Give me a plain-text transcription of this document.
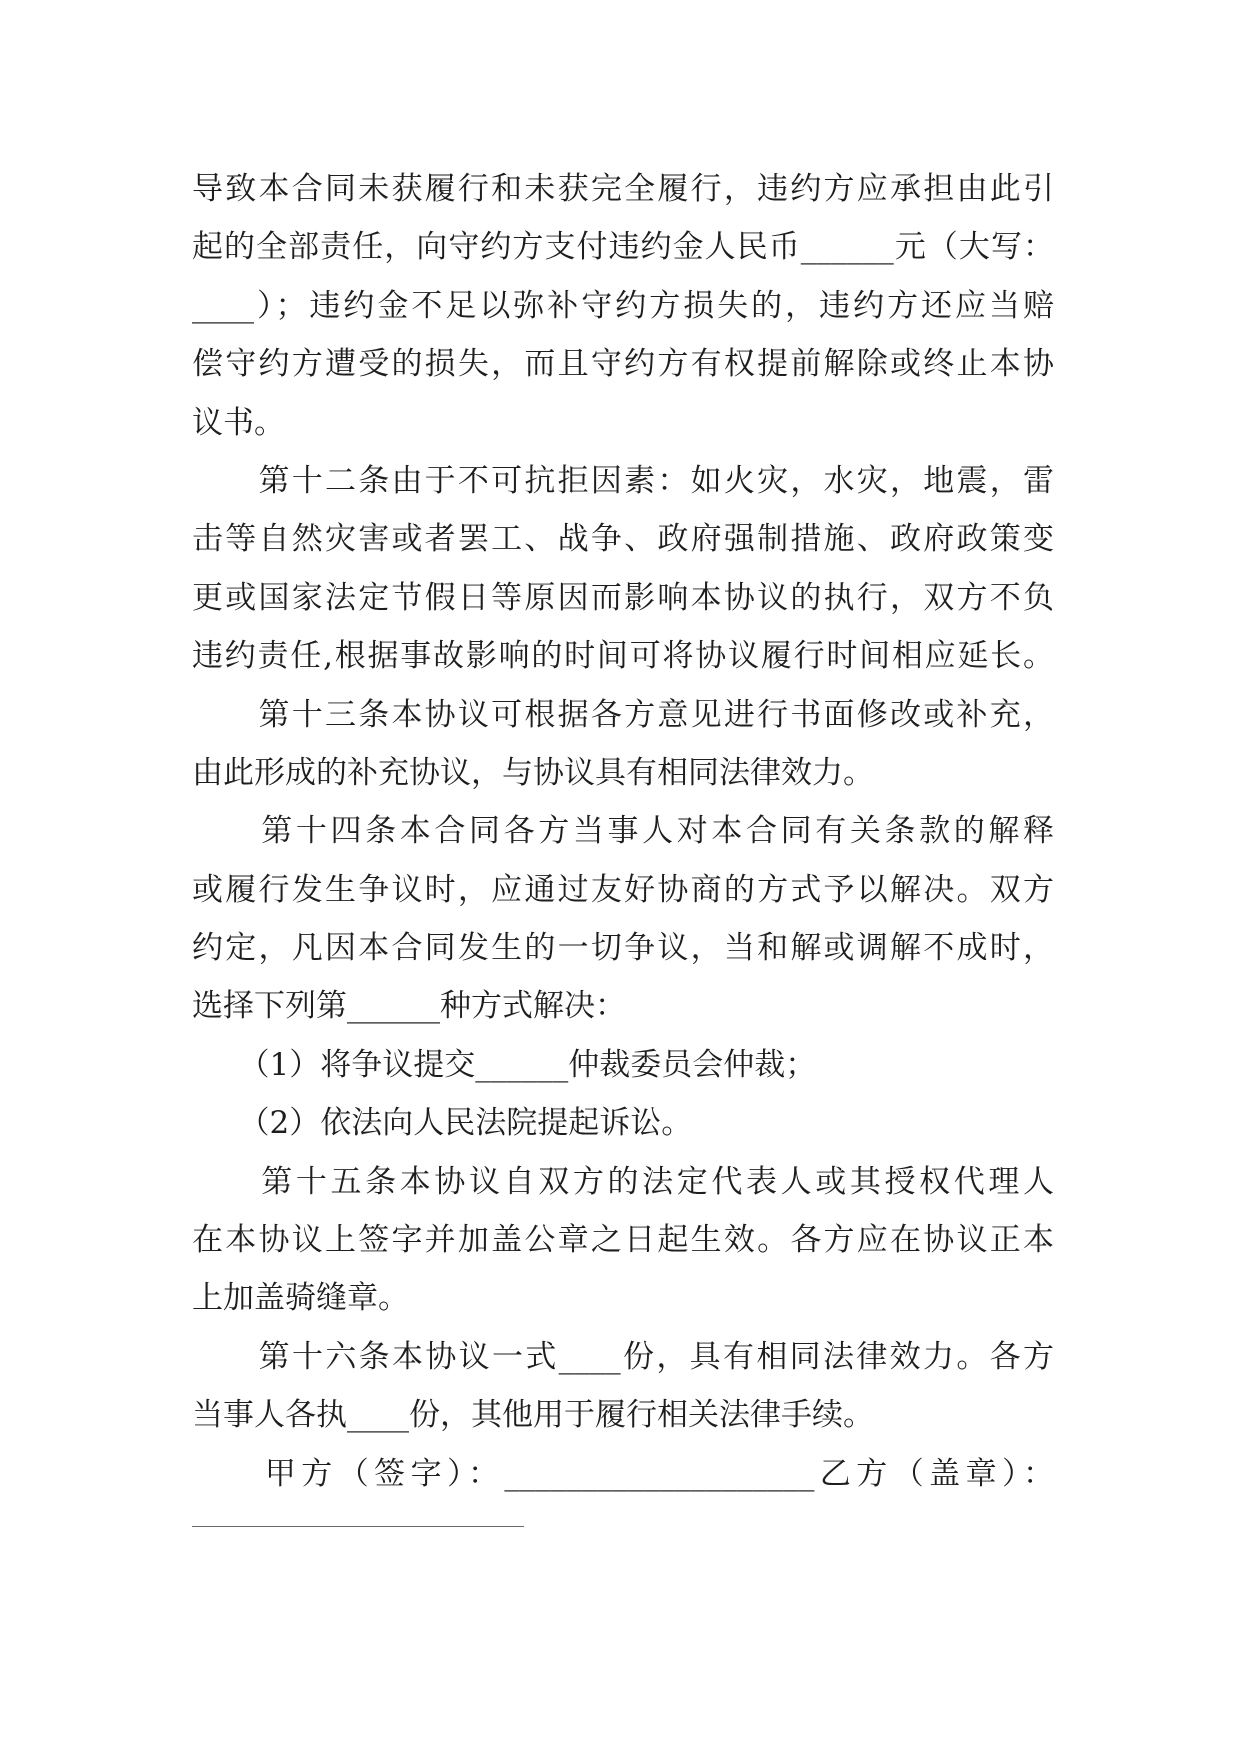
导致本合同未获履行和未获完全履行，违约方应承担由此引
起的全部责任，向守约方支付违约金人民币______元（大写：
____）；违约金不足以弥补守约方损失的，违约方还应当赔
偿守约方遭受的损失，而且守约方有权提前解除或终止本协
议书。
　　第十二条由于不可抗拒因素：如火灾，水灾，地震，雷
击等自然灾害或者罢工、战争、政府强制措施、政府政策变
更或国家法定节假日等原因而影响本协议的执行，双方不负
违约责任,根据事故影响的时间可将协议履行时间相应延长。
　　第十三条本协议可根据各方意见进行书面修改或补充，
由此形成的补充协议，与协议具有相同法律效力。
　　第十四条本合同各方当事人对本合同有关条款的解释
或履行发生争议时，应通过友好协商的方式予以解决。双方
约定，凡因本合同发生的一切争议，当和解或调解不成时，
选择下列第______种方式解决：
　　（1）将争议提交______仲裁委员会仲裁；
　　（2）依法向人民法院提起诉讼。
　　第十五条本协议自双方的法定代表人或其授权代理人
在本协议上签字并加盖公章之日起生效。各方应在协议正本
上加盖骑缝章。
　　第十六条本协议一式____份，具有相同法律效力。各方
当事人各执____份，其他用于履行相关法律手续。
　　甲方（签字）：____________________乙方（盖章）：
